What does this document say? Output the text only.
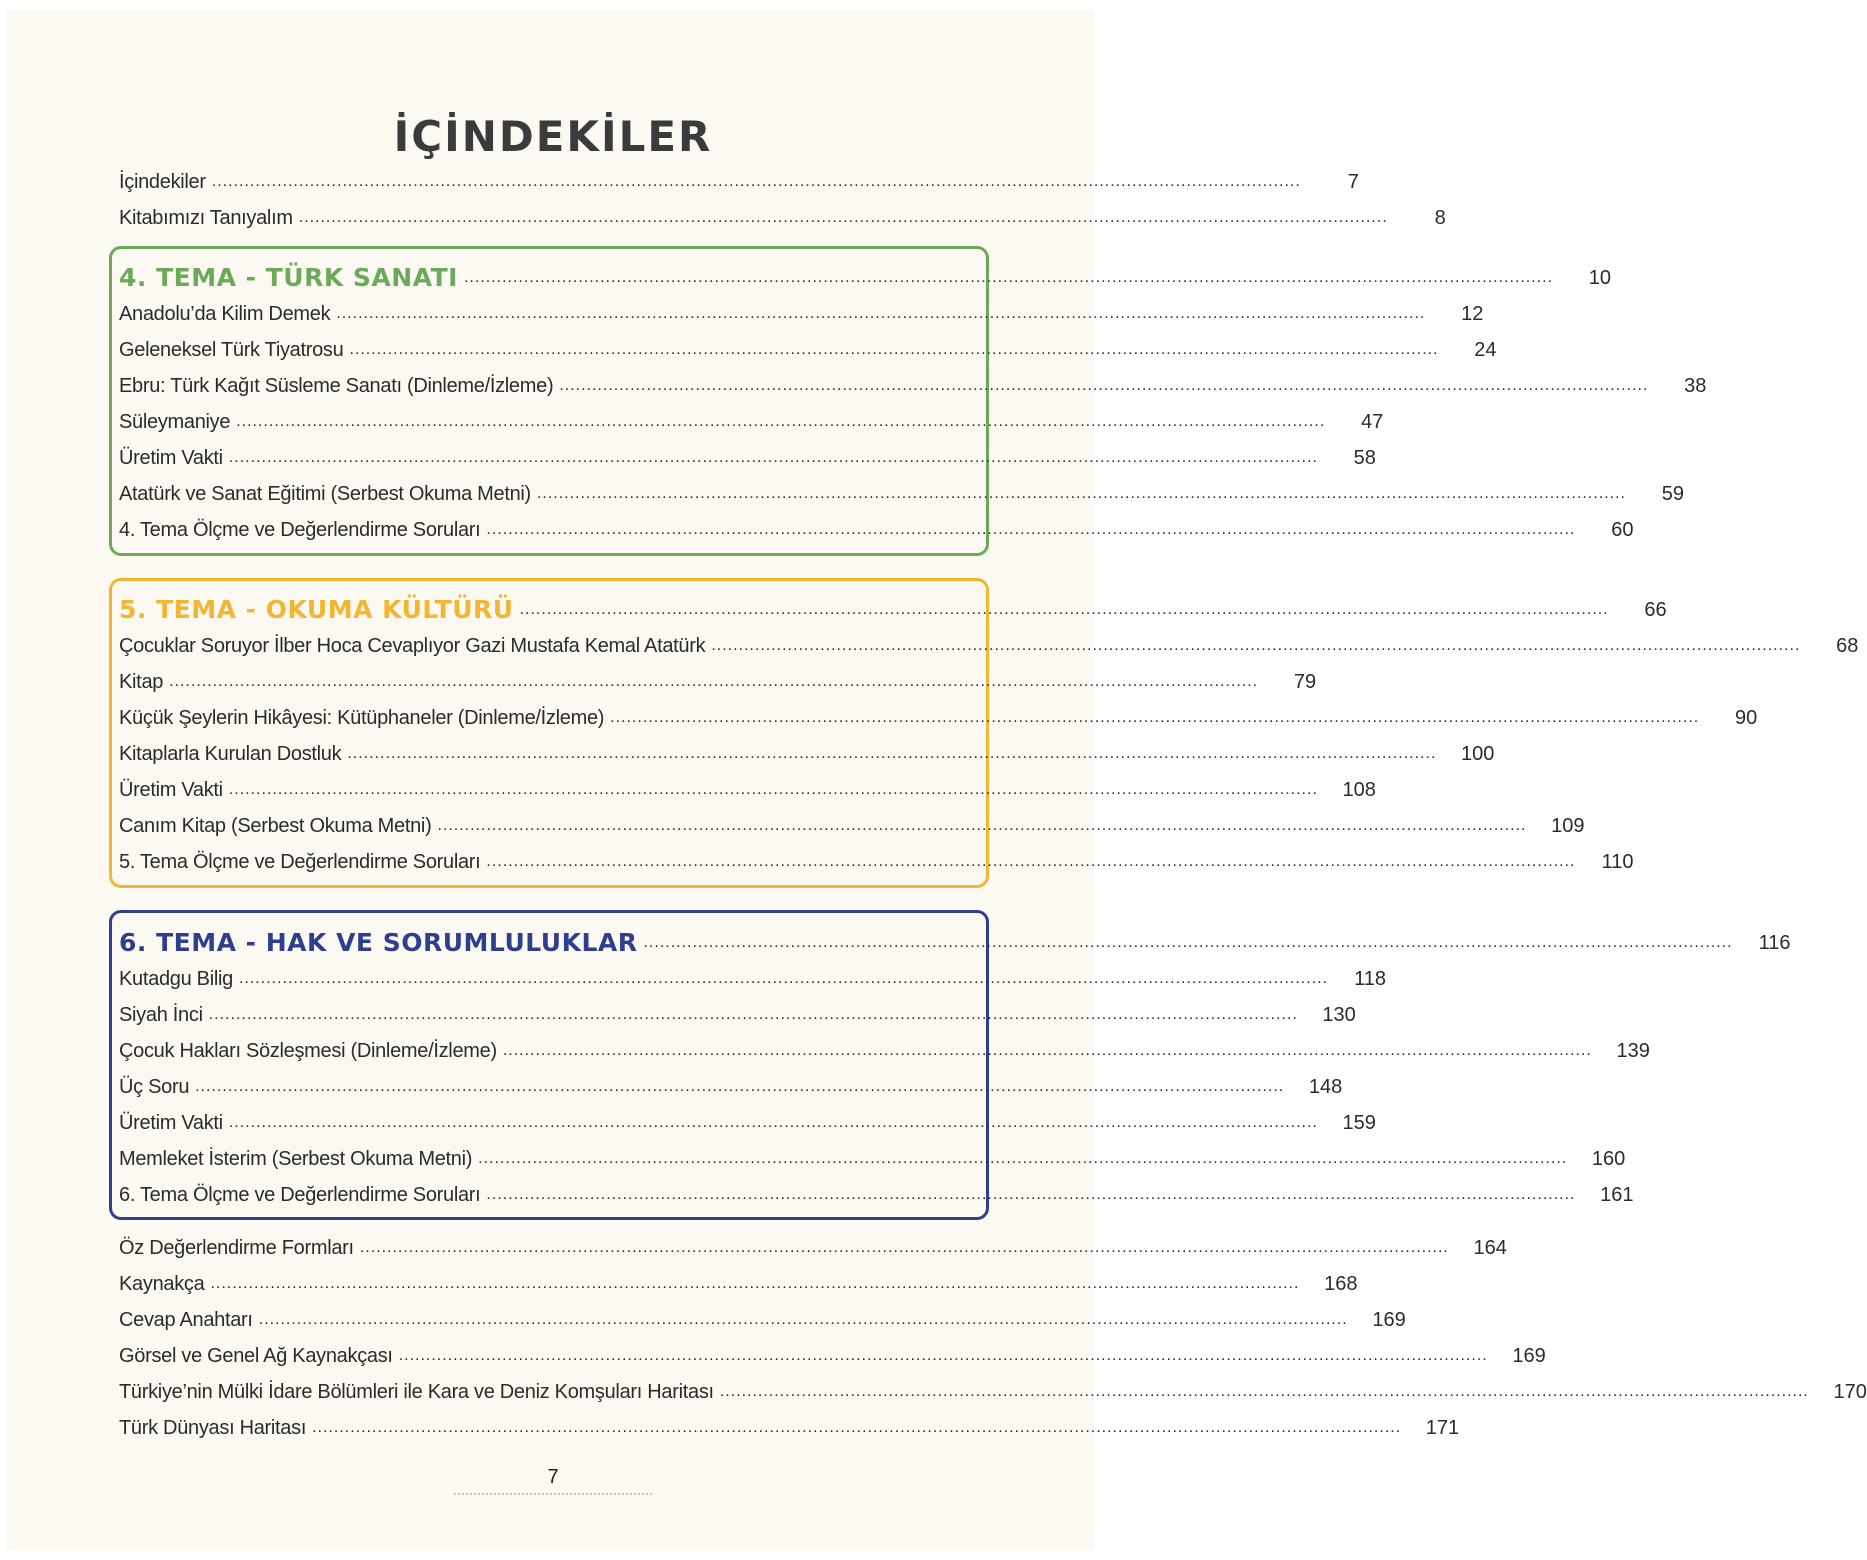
İÇİNDEKİLER
İçindekiler ........................................................................................................................................................................................................	7
Kitabımızı Tanıyalım ........................................................................................................................................................................................................	8
4. TEMA - TÜRK SANATI ........................................................................................................................................................................................................	10
Anadolu’da Kilim Demek ........................................................................................................................................................................................................	12
Geleneksel Türk Tiyatrosu ........................................................................................................................................................................................................	24
Ebru: Türk Kağıt Süsleme Sanatı (Dinleme/İzleme) ........................................................................................................................................................................................................	38
Süleymaniye ........................................................................................................................................................................................................	47
Üretim Vakti ........................................................................................................................................................................................................	58
Atatürk ve Sanat Eğitimi (Serbest Okuma Metni) ........................................................................................................................................................................................................	59
4. Tema Ölçme ve Değerlendirme Soruları ........................................................................................................................................................................................................	60
5. TEMA - OKUMA KÜLTÜRÜ ........................................................................................................................................................................................................	66
Çocuklar Soruyor İlber Hoca Cevaplıyor Gazi Mustafa Kemal Atatürk ........................................................................................................................................................................................................	68
Kitap ........................................................................................................................................................................................................	79
Küçük Şeylerin Hikâyesi: Kütüphaneler (Dinleme/İzleme) ........................................................................................................................................................................................................	90
Kitaplarla Kurulan Dostluk ........................................................................................................................................................................................................	100
Üretim Vakti ........................................................................................................................................................................................................	108
Canım Kitap (Serbest Okuma Metni) ........................................................................................................................................................................................................	109
5. Tema Ölçme ve Değerlendirme Soruları ........................................................................................................................................................................................................	110
6. TEMA - HAK VE SORUMLULUKLAR ........................................................................................................................................................................................................	116
Kutadgu Bilig ........................................................................................................................................................................................................	118
Siyah İnci ........................................................................................................................................................................................................	130
Çocuk Hakları Sözleşmesi (Dinleme/İzleme) ........................................................................................................................................................................................................	139
Üç Soru ........................................................................................................................................................................................................	148
Üretim Vakti ........................................................................................................................................................................................................	159
Memleket İsterim (Serbest Okuma Metni) ........................................................................................................................................................................................................	160
6. Tema Ölçme ve Değerlendirme Soruları ........................................................................................................................................................................................................	161
Öz Değerlendirme Formları ........................................................................................................................................................................................................	164
Kaynakça ........................................................................................................................................................................................................	168
Cevap Anahtarı ........................................................................................................................................................................................................	169
Görsel ve Genel Ağ Kaynakçası ........................................................................................................................................................................................................	169
Türkiye’nin Mülki İdare Bölümleri ile Kara ve Deniz Komşuları Haritası ........................................................................................................................................................................................................	170
Türk Dünyası Haritası ........................................................................................................................................................................................................	171
7
